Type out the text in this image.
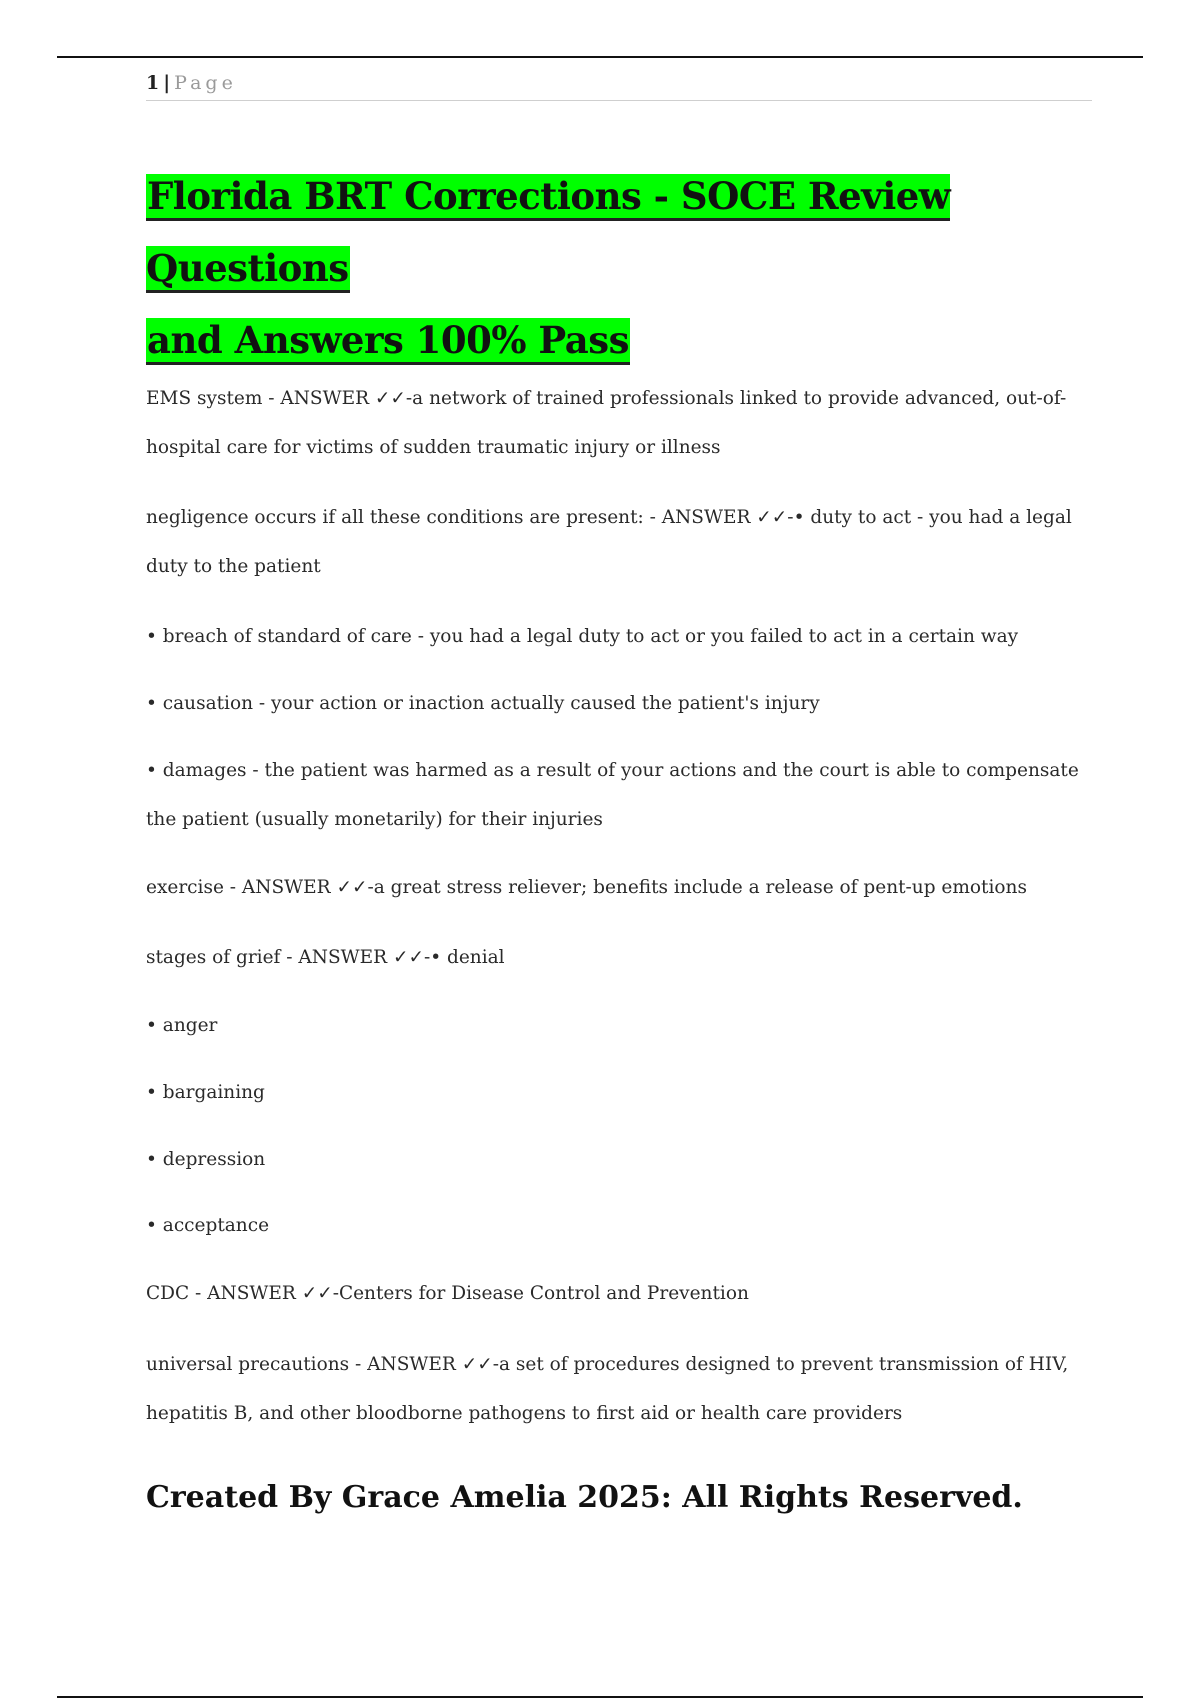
1 | Page
Florida BRT Corrections - SOCE Review Questions
and Answers 100% Pass

EMS system - ANSWER ✓✓-a network of trained professionals linked to provide advanced, out-of-hospital care for victims of sudden traumatic injury or illness

negligence occurs if all these conditions are present: - ANSWER ✓✓-• duty to act - you had a legal duty to the patient

• breach of standard of care - you had a legal duty to act or you failed to act in a certain way

• causation - your action or inaction actually caused the patient's injury

• damages - the patient was harmed as a result of your actions and the court is able to compensate the patient (usually monetarily) for their injuries

exercise - ANSWER ✓✓-a great stress reliever; benefits include a release of pent-up emotions

stages of grief - ANSWER ✓✓-• denial

• anger

• bargaining

• depression

• acceptance

CDC - ANSWER ✓✓-Centers for Disease Control and Prevention

universal precautions - ANSWER ✓✓-a set of procedures designed to prevent transmission of HIV, hepatitis B, and other bloodborne pathogens to first aid or health care providers

Created By Grace Amelia 2025: All Rights Reserved.
